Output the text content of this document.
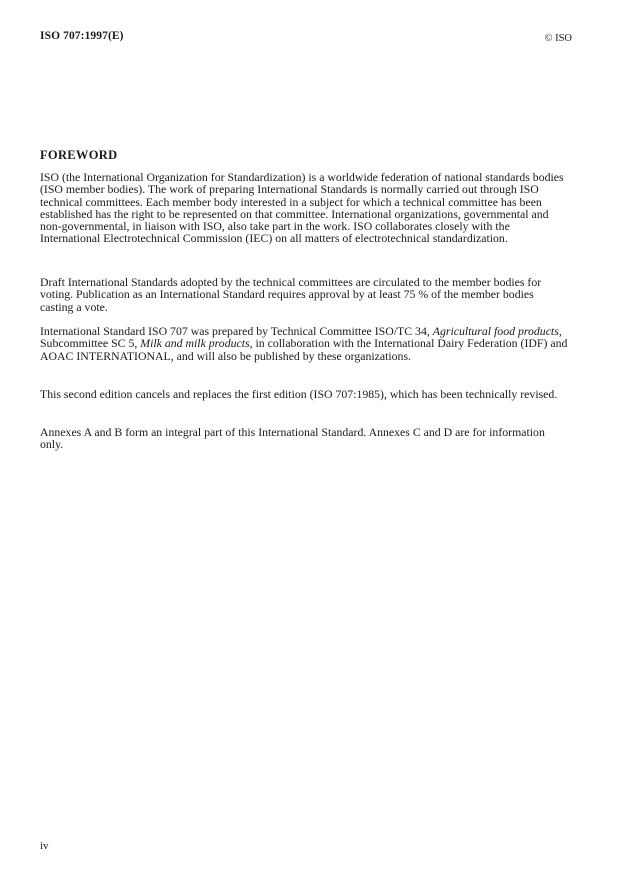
ISO 707:1997(E)	© ISO
FOREWORD
ISO (the International Organization for Standardization) is a worldwide federation of national standards bodies (ISO member bodies). The work of preparing International Standards is normally carried out through ISO technical committees. Each member body interested in a subject for which a technical committee has been established has the right to be represented on that committee. International organizations, governmental and non-governmental, in liaison with ISO, also take part in the work. ISO collaborates closely with the International Electrotechnical Commission (IEC) on all matters of electrotechnical standardization.
Draft International Standards adopted by the technical committees are circulated to the member bodies for voting. Publication as an International Standard requires approval by at least 75 % of the member bodies casting a vote.
International Standard ISO 707 was prepared by Technical Committee ISO/TC 34, Agricultural food products, Subcommittee SC 5, Milk and milk products, in collaboration with the International Dairy Federation (IDF) and AOAC INTERNATIONAL, and will also be published by these organizations.
This second edition cancels and replaces the first edition (ISO 707:1985), which has been technically revised.
Annexes A and B form an integral part of this International Standard. Annexes C and D are for information only.
iv
